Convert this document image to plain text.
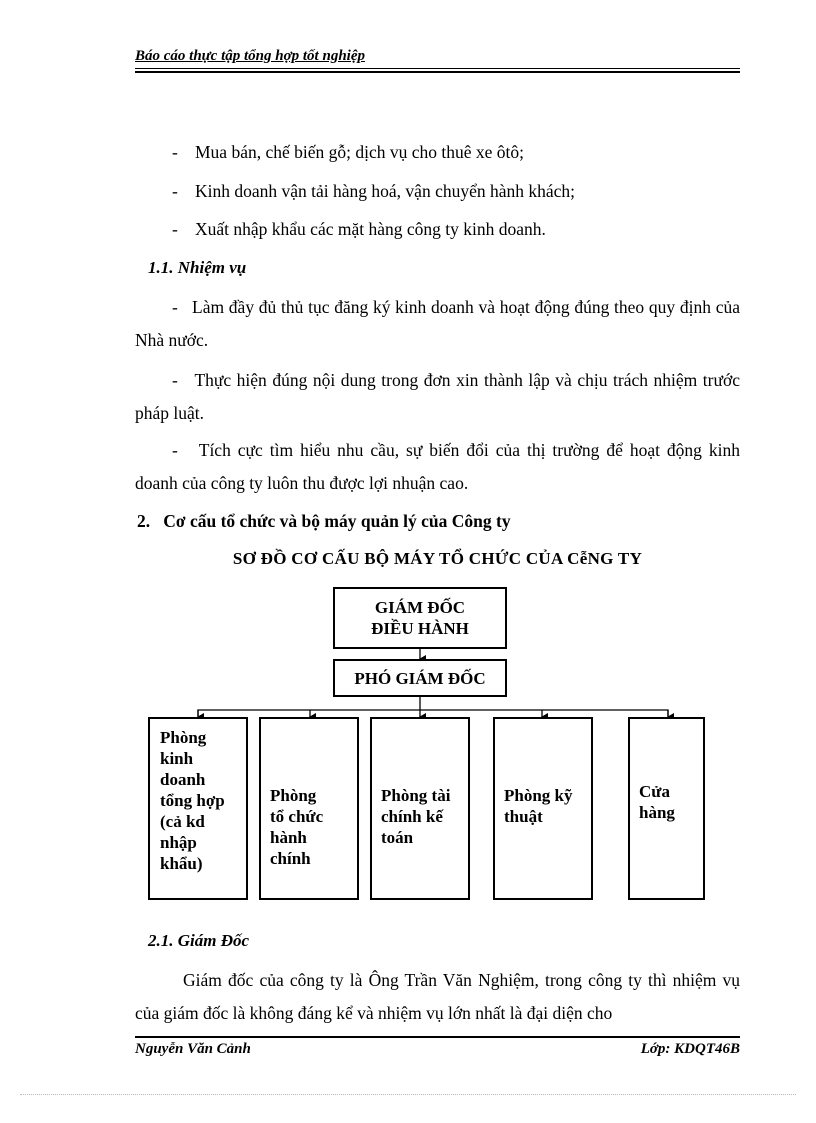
Báo cáo thực tập tổng hợp tốt nghiệp
- Mua bán, chế biến gỗ; dịch vụ cho thuê xe ôtô;
- Kinh doanh vận tải hàng hoá, vận chuyển hành khách;
- Xuất nhập khẩu các mặt hàng công ty kinh doanh.
1.1. Nhiệm vụ
- Làm đầy đủ thủ tục đăng ký kinh doanh và hoạt động đúng theo quy định của Nhà nước.
- Thực hiện đúng nội dung trong đơn xin thành lập và chịu trách nhiệm trước pháp luật.
- Tích cực tìm hiểu nhu cầu, sự biến đổi của thị trường để hoạt động kinh doanh của công ty luôn thu được lợi nhuận cao.
2.   Cơ cấu tổ chức và bộ máy quản lý của Công ty
SƠ ĐỒ CƠ CẤU BỘ MÁY TỔ CHỨC CỦA CễNG TY
GIÁM ĐỐC
ĐIỀU HÀNH
PHÓ GIÁM ĐỐC
Phòng
kinh
doanh
tổng hợp
(cả kd
nhập
khẩu)
Phòng
tổ chức
hành
chính
Phòng tài
chính kế
toán
Phòng kỹ
thuật
Cửa
hàng
2.1. Giám Đốc
Giám đốc của công ty là Ông Trần Văn Nghiệm, trong công ty thì nhiệm vụ của giám đốc là không đáng kể và nhiệm vụ lớn nhất là đại diện cho
Nguyễn Văn Cảnh	Lớp: KDQT46B
